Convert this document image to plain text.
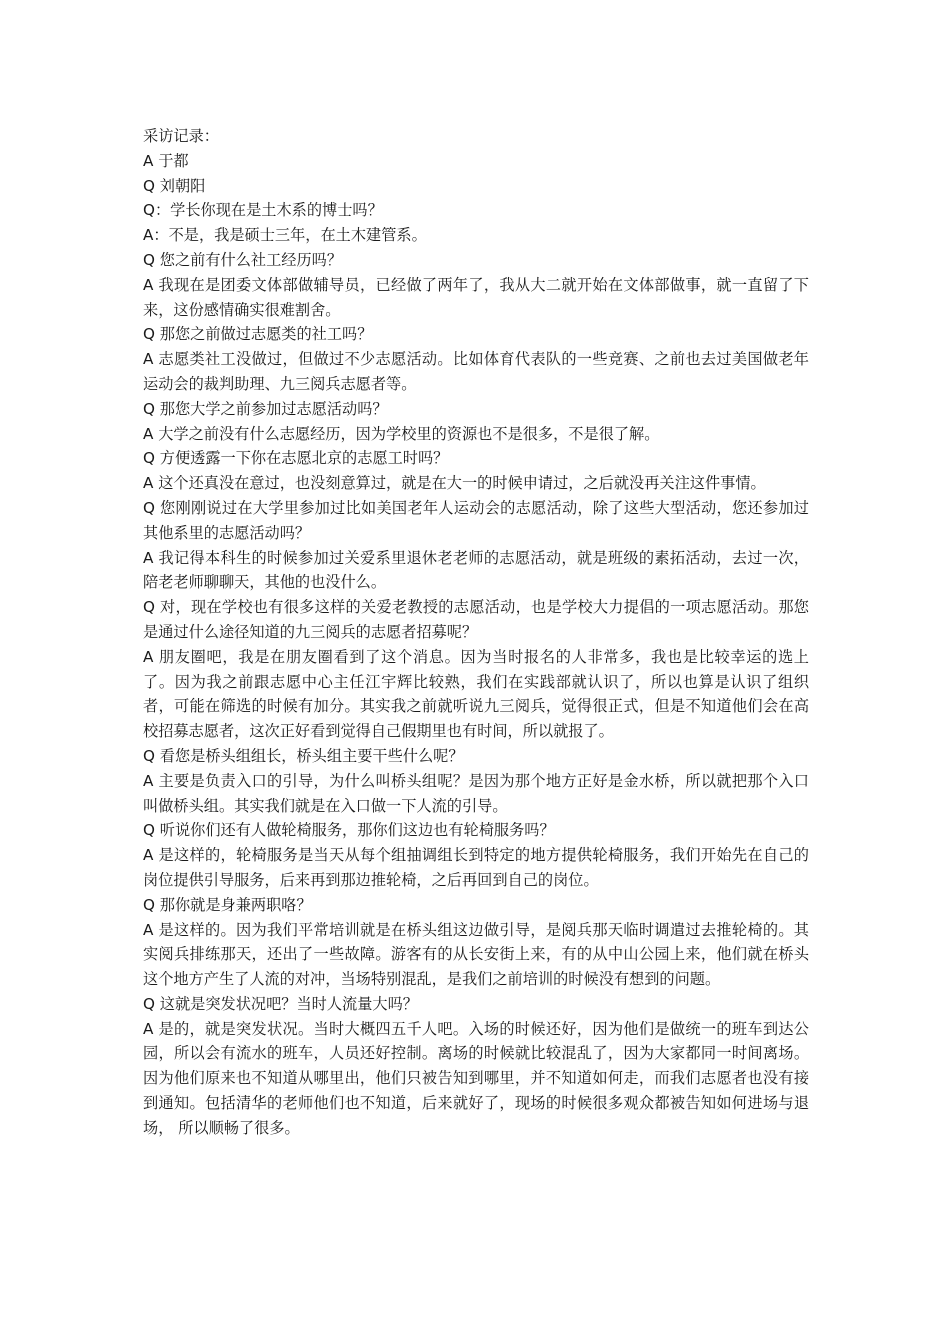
采访记录：

A 于都

Q 刘朝阳

Q：学长你现在是土木系的博士吗？

A：不是，我是硕士三年，在土木建管系。

Q 您之前有什么社工经历吗？

A 我现在是团委文体部做辅导员，已经做了两年了，我从大二就开始在文体部做事，就一直留了下来，这份感情确实很难割舍。

Q 那您之前做过志愿类的社工吗？

A 志愿类社工没做过，但做过不少志愿活动。比如体育代表队的一些竞赛、之前也去过美国做老年运动会的裁判助理、九三阅兵志愿者等。

Q 那您大学之前参加过志愿活动吗？

A 大学之前没有什么志愿经历，因为学校里的资源也不是很多，不是很了解。

Q 方便透露一下你在志愿北京的志愿工时吗？

A 这个还真没在意过，也没刻意算过，就是在大一的时候申请过，之后就没再关注这件事情。

Q 您刚刚说过在大学里参加过比如美国老年人运动会的志愿活动，除了这些大型活动，您还参加过其他系里的志愿活动吗？

A 我记得本科生的时候参加过关爱系里退休老老师的志愿活动，就是班级的素拓活动，去过一次，陪老老师聊聊天，其他的也没什么。

Q 对，现在学校也有很多这样的关爱老教授的志愿活动，也是学校大力提倡的一项志愿活动。那您是通过什么途径知道的九三阅兵的志愿者招募呢？

A 朋友圈吧，我是在朋友圈看到了这个消息。因为当时报名的人非常多，我也是比较幸运的选上了。因为我之前跟志愿中心主任江宇辉比较熟，我们在实践部就认识了，所以也算是认识了组织者，可能在筛选的时候有加分。其实我之前就听说九三阅兵，觉得很正式，但是不知道他们会在高校招募志愿者，这次正好看到觉得自己假期里也有时间，所以就报了。

Q 看您是桥头组组长，桥头组主要干些什么呢？

A 主要是负责入口的引导，为什么叫桥头组呢？是因为那个地方正好是金水桥，所以就把那个入口叫做桥头组。其实我们就是在入口做一下人流的引导。

Q 听说你们还有人做轮椅服务，那你们这边也有轮椅服务吗？

A 是这样的，轮椅服务是当天从每个组抽调组长到特定的地方提供轮椅服务，我们开始先在自己的岗位提供引导服务，后来再到那边推轮椅，之后再回到自己的岗位。

Q 那你就是身兼两职咯？

A 是这样的。因为我们平常培训就是在桥头组这边做引导，是阅兵那天临时调遣过去推轮椅的。其实阅兵排练那天，还出了一些故障。游客有的从长安街上来，有的从中山公园上来，他们就在桥头这个地方产生了人流的对冲，当场特别混乱，是我们之前培训的时候没有想到的问题。

Q 这就是突发状况吧？当时人流量大吗？

A 是的，就是突发状况。当时大概四五千人吧。入场的时候还好，因为他们是做统一的班车到达公园，所以会有流水的班车，人员还好控制。离场的时候就比较混乱了，因为大家都同一时间离场。因为他们原来也不知道从哪里出，他们只被告知到哪里，并不知道如何走，而我们志愿者也没有接到通知。包括清华的老师他们也不知道，后来就好了，现场的时候很多观众都被告知如何进场与退场， 所以顺畅了很多。
